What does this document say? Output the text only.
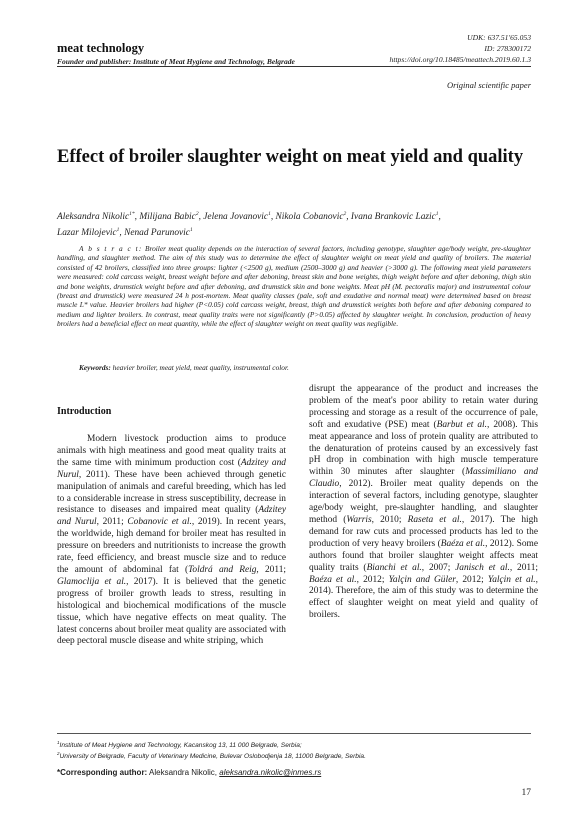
meat technology
Founder and publisher: Institute of Meat Hygiene and Technology, Belgrade
UDK: 637.51'65.053
ID: 278300172
https://doi.org/10.18485/meattech.2019.60.1.3
Original scientific paper
Effect of broiler slaughter weight on meat yield and quality
Aleksandra Nikolic$^{1*}$, Milijana Babic$^2$, Jelena Jovanovic$^1$, Nikola Cobanovic$^2$, Ivana Brankovic Lazic$^1$,
Lazar Milojevic$^1$, Nenad Parunovic$^1$
A b s t r a c t: Broiler meat quality depends on the interaction of several factors, including genotype, slaughter age/body weight, pre-slaughter handling, and slaughter method. The aim of this study was to determine the effect of slaughter weight on meat yield and quality of broilers. The material consisted of 42 broilers, classified into three groups: lighter (<2500 g), medium (2500–3000 g) and heavier (>3000 g). The following meat yield parameters were measured: cold carcass weight, breast weight before and after deboning, breast skin and bone weights, thigh weight before and after deboning, thigh skin and bone weights, drumstick weight before and after deboning, and drumstick skin and bone weights. Meat pH (M. pectoralis major) and instrumental colour (breast and drumstick) were measured 24 h post-mortem. Meat quality classes (pale, soft and exudative and normal meat) were determined based on breast muscle L* value. Heavier broilers had higher (P<0.05) cold carcass weight, breast, thigh and drumstick weights both before and after deboning compared to medium and lighter broilers. In contrast, meat quality traits were not significantly (P>0.05) affected by slaughter weight. In conclusion, production of heavy broilers had a beneficial effect on meat quantity, while the effect of slaughter weight on meat quality was negligible.
Keywords: heavier broiler, meat yield, meat quality, instrumental color.
Introduction

Modern livestock production aims to produce animals with high meatiness and good meat quality traits at the same time with minimum production cost (Adzitey and Nurul, 2011). These have been achieved through genetic manipulation of animals and careful breeding, which has led to a considerable increase in stress susceptibility, decrease in resistance to diseases and impaired meat quality (Adzitey and Nurul, 2011; Cobanovic et al., 2019). In recent years, the worldwide, high demand for broiler meat has resulted in pressure on breeders and nutritionists to increase the growth rate, feed efficiency, and breast muscle size and to reduce the amount of abdominal fat (Toldrá and Reig, 2011; Glamoclija et al., 2017). It is believed that the genetic progress of broiler growth leads to stress, resulting in histological and biochemical modifications of the muscle tissue, which have negative effects on meat quality. The latest concerns about broiler meat quality are associated with deep pectoral muscle disease and white striping, which

disrupt the appearance of the product and increases the problem of the meat's poor ability to retain water during processing and storage as a result of the occurrence of pale, soft and exudative (PSE) meat (Barbut et al., 2008). This meat appearance and loss of protein quality are attributed to the denaturation of proteins caused by an excessively fast pH drop in combination with high muscle temperature within 30 minutes after slaughter (Massimiliano and Claudio, 2012). Broiler meat quality depends on the interaction of several factors, including genotype, slaughter age/body weight, pre-slaughter handling, and slaughter method (Warris, 2010; Raseta et al., 2017). The high demand for raw cuts and processed products has led to the production of very heavy broilers (Baéza et al., 2012). Some authors found that broiler slaughter weight affects meat quality traits (Bianchi et al., 2007; Janisch et al., 2011; Baéza et al., 2012; Yalçin and Güler, 2012; Yalçin et al., 2014). Therefore, the aim of this study was to determine the effect of slaughter weight on meat yield and quality of broilers.

$^1$Institute of Meat Hygiene and Technology, Kacanskog 13, 11 000 Belgrade, Serbia;
$^2$University of Belgrade, Faculty of Veterinary Medicine, Bulevar Oslobodjenja 18, 11000 Belgrade, Serbia.
*Corresponding author: Aleksandra Nikolic, aleksandra.nikolic@inmes.rs
17
